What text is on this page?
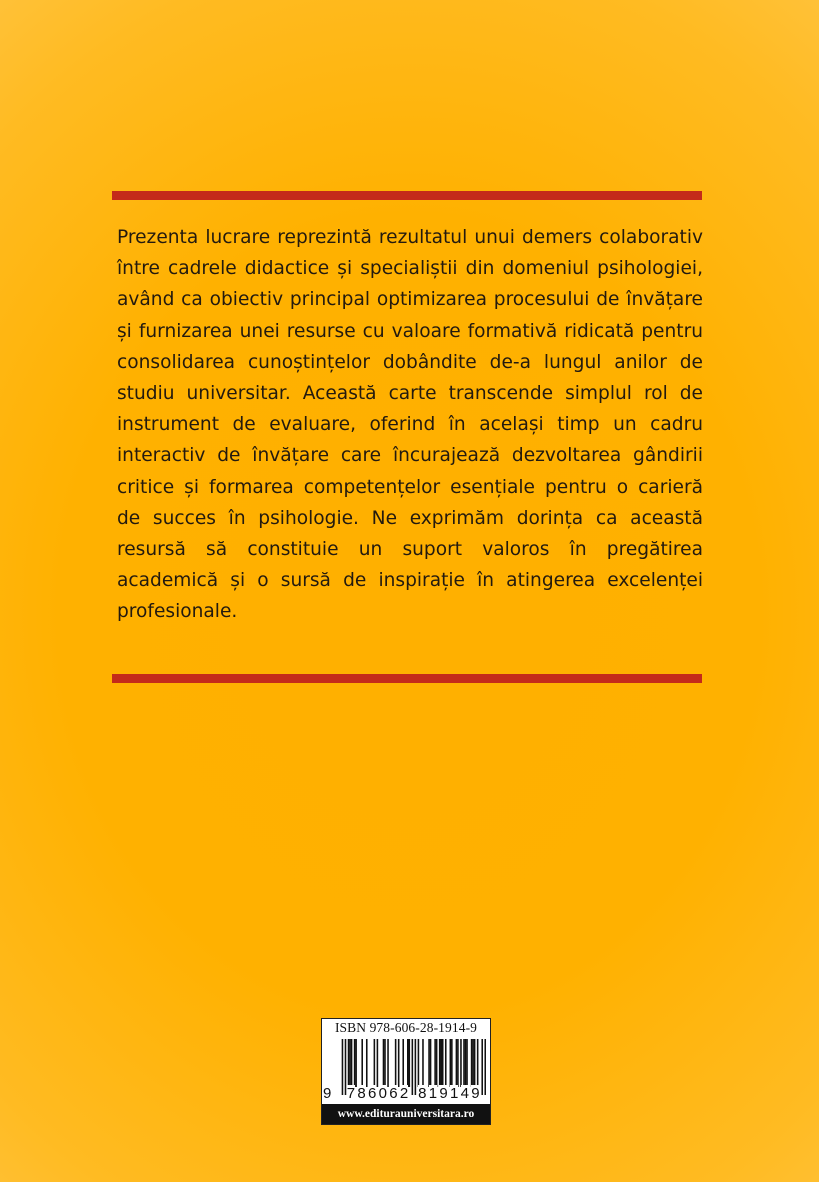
Prezenta lucrare reprezintă rezultatul unui demers colaborativ între cadrele didactice și specialiștii din domeniul psihologiei, având ca obiectiv principal optimizarea procesului de învățare și furnizarea unei resurse cu valoare formativă ridicată pentru consolidarea cunoștințelor dobândite de-a lungul anilor de studiu universitar. Această carte transcende simplul rol de instrument de evaluare, oferind în același timp un cadru interactiv de învățare care încurajează dezvoltarea gândirii critice și formarea competențelor esențiale pentru o carieră de succes în psihologie. Ne exprimăm dorința ca această resursă să constituie un suport valoros în pregătirea academică și o sursă de inspirație în atingerea excelenței profesionale.

ISBN 978-606-28-1914-9
9 7 8 6 0 6 2 8 1 9 1 4 9
www.editurauniversitara.ro
